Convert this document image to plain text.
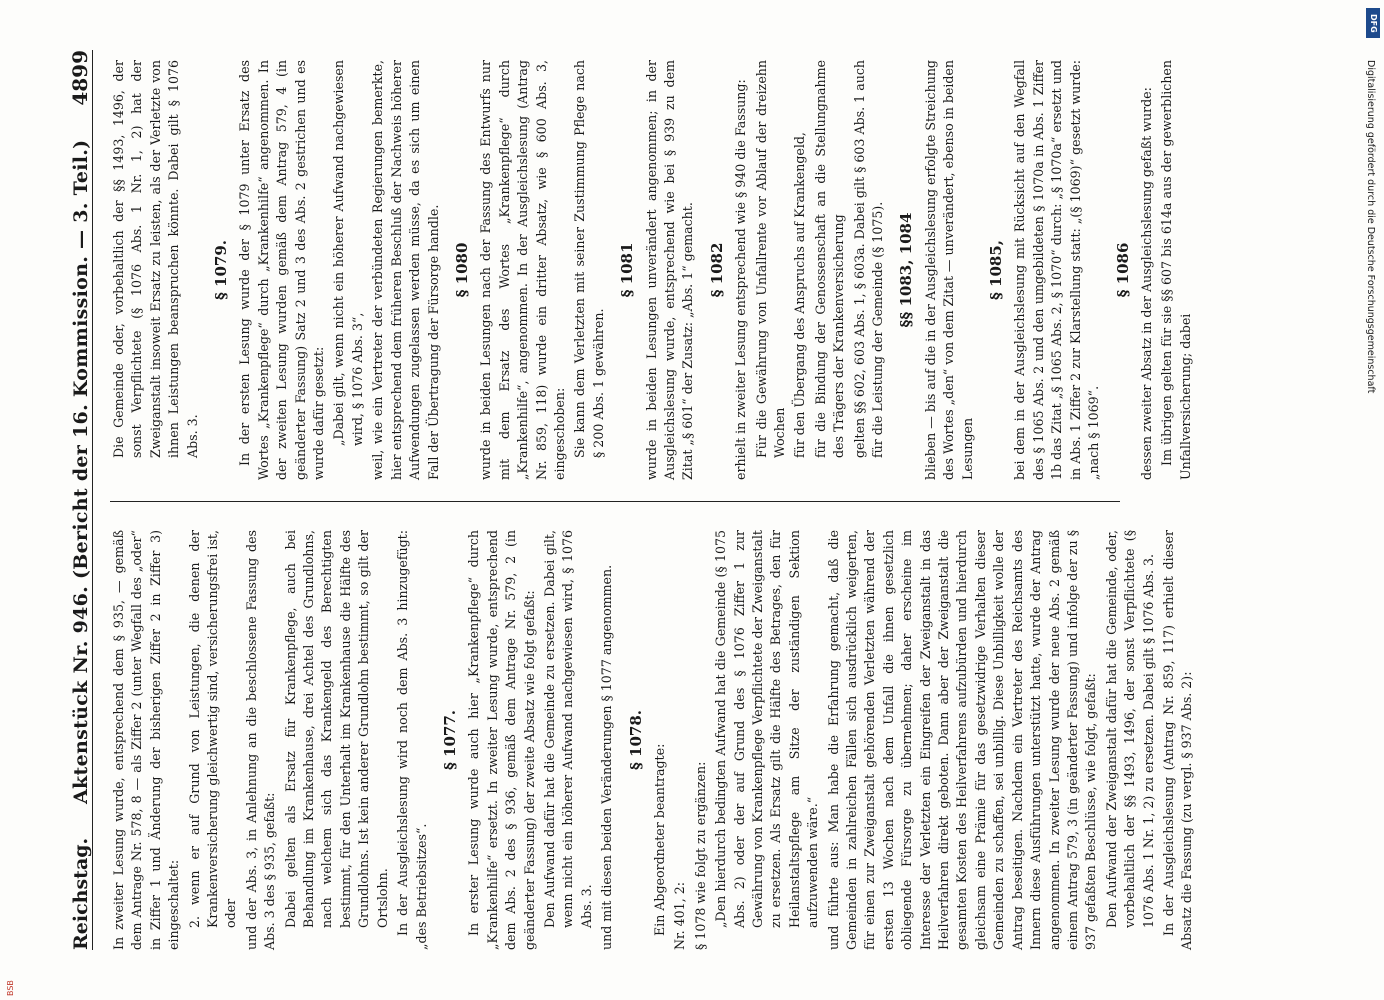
Reichstag.
Aktenstück Nr. 946. (Bericht der 16. Kommission. — 3. Teil.)
4899

In zweiter Lesung wurde, entsprechend dem § 935, — gemäß dem Antrage Nr. 578, 8 — als Ziffer 2 (unter Wegfall des „oder“ in Ziffer 1 und Änderung der bisherigen Ziffer 2 in Ziffer 3) eingeschaltet: 2. wenn er auf Grund von Leistungen, die denen der Krankenversicherung gleichwertig sind, versicherungsfrei ist, oder und der Abs. 3, in Anlehnung an die beschlossene Fassung des Abs. 3 des § 935, gefaßt: Dabei gelten als Ersatz für Krankenpflege, auch bei Behandlung im Krankenhause, drei Achtel des Grundlohns, nach welchem sich das Krankengeld des Berechtigten bestimmt, für den Unterhalt im Krankenhause die Hälfte des Grundlohns. Ist kein anderer Grundlohn bestimmt, so gilt der Ortslohn. In der Ausgleichslesung wird noch dem Abs. 3 hinzugefügt: „des Betriebsitzes“.

§ 1077. In erster Lesung wurde auch hier „Krankenpflege“ durch „Krankenhilfe“ ersetzt. In zweiter Lesung wurde, entsprechend dem Abs. 2 des § 936, gemäß dem Antrage Nr. 579, 2 (in geänderter Fassung) der zweite Absatz wie folgt gefaßt: Den Aufwand dafür hat die Gemeinde zu ersetzen. Dabei gilt, wenn nicht ein höherer Aufwand nachgewiesen wird, § 1076 Abs. 3. und mit diesen beiden Veränderungen § 1077 angenommen. § 1078.

Ein Abgeordneter beantragte: Nr. 401, 2: § 1078 wie folgt zu ergänzen: „Den hierdurch bedingten Aufwand hat die Gemeinde (§ 1075 Abs. 2) oder der auf Grund des § 1076 Ziffer 1 zur Gewährung von Krankenpflege Verpflichtete der Zweiganstalt zu ersetzen. Als Ersatz gilt die Hälfte des Betrages, den für Heilanstaltspflege am Sitze der zuständigen Sektion aufzuwenden wäre.“ und führte aus: Man habe die Erfahrung gemacht, daß die Gemeinden in zahlreichen Fällen sich ausdrücklich weigerten, für einen zur Zweiganstalt gehörenden Verletzten während der ersten 13 Wochen nach dem Unfall die ihnen gesetzlich obliegende Fürsorge zu übernehmen; daher erscheine im Interesse der Verletzten ein Eingreifen der Zweiganstalt in das Heilverfahren direkt geboten. Dann aber der Zweiganstalt die gesamten Kosten des Heilverfahrens aufzubürden und hierdurch gleichsam eine Prämie für das gesetzwidrige Verhalten dieser Gemeinden zu schaffen, sei unbillig. Diese Unbilligkeit wolle der Antrag beseitigen. Nachdem ein Vertreter des Reichsamts des Innern diese Ausführungen unterstützt hatte, wurde der Antrag angenommen. In zweiter Lesung wurde der neue Abs. 2 gemäß einem Antrag 579, 3 (in geänderter Fassung) und infolge der zu § 937 gefaßten Beschlüsse, wie folgt, gefaßt: Den Aufwand der Zweiganstalt dafür hat die Gemeinde, oder, vorbehaltlich der §§ 1493, 1496, der sonst Verpflichtete (§ 1076 Abs. 1 Nr. 1, 2) zu ersetzen. Dabei gilt § 1076 Abs. 3. In der Ausgleichslesung (Antrag Nr. 859, 117) erhielt dieser Absatz die Fassung (zu vergl. § 937 Abs. 2):

Die Gemeinde oder, vorbehaltlich der §§ 1493, 1496, der sonst Verpflichtete (§ 1076 Abs. 1 Nr. 1, 2) hat der Zweiganstalt insoweit Ersatz zu leisten, als der Verletzte von ihnen Leistungen beanspruchen könnte. Dabei gilt § 1076 Abs. 3.

§ 1079. In der ersten Lesung wurde der § 1079 unter Ersatz des Wortes „Krankenpflege“ durch „Krankenhilfe“ angenommen. In der zweiten Lesung wurden gemäß dem Antrag 579, 4 (in geänderter Fassung) Satz 2 und 3 des Abs. 2 gestrichen und es wurde dafür gesetzt: „Dabei gilt, wenn nicht ein höherer Aufwand nachgewiesen wird, § 1076 Abs. 3“, weil, wie ein Vertreter der verbündeten Regierungen bemerkte, hier entsprechend dem früheren Beschluß der Nachweis höherer Aufwendungen zugelassen werden müsse, da es sich um einen Fall der Übertragung der Fürsorge handle. § 1080 wurde in beiden Lesungen nach der Fassung des Entwurfs nur mit dem Ersatz des Wortes „Krankenpflege“ durch „Krankenhilfe“, angenommen. In der Ausgleichslesung (Antrag Nr. 859, 118) wurde ein dritter Absatz, wie § 600 Abs. 3, eingeschoben: Sie kann dem Verletzten mit seiner Zustimmung Pflege nach § 200 Abs. 1 gewähren.

§ 1081 wurde in beiden Lesungen unverändert angenommen; in der Ausgleichslesung wurde, entsprechend wie bei § 939 zu dem Zitat „§ 601“ der Zusatz: „Abs. 1“ gemacht. § 1082 erhielt in zweiter Lesung entsprechend wie § 940 die Fassung: Für die Gewährung von Unfallrente vor Ablauf der dreizehn Wochen für den Übergang des Anspruchs auf Krankengeld, für die Bindung der Genossenschaft an die Stellungnahme des Trägers der Krankenversicherung gelten §§ 602, 603 Abs. 1, § 603a. Dabei gilt § 603 Abs. 1 auch für die Leistung der Gemeinde (§ 1075). §§ 1083, 1084 blieben — bis auf die in der Ausgleichslesung erfolgte Streichung des Wortes „den“ von dem Zitat — unverändert, ebenso in beiden Lesungen

§ 1085, bei dem in der Ausgleichslesung mit Rücksicht auf den Wegfall des § 1065 Abs. 2 und den umgebildeten § 1070a in Abs. 1 Ziffer 1b das Zitat „§ 1065 Abs. 2, § 1070“ durch: „§ 1070a“ ersetzt und in Abs. 1 Ziffer 2 zur Klarstellung statt: „(§ 1069)“ gesetzt wurde: „nach § 1069“.

§ 1086 dessen zweiter Absatz in der Ausgleichslesung gefaßt wurde: Im übrigen gelten für sie §§ 607 bis 614a aus der gewerblichen Unfallversicherung; dabei

DFG
Digitalisierung gefördert durch die Deutsche Forschungsgemeinschaft
BSB
